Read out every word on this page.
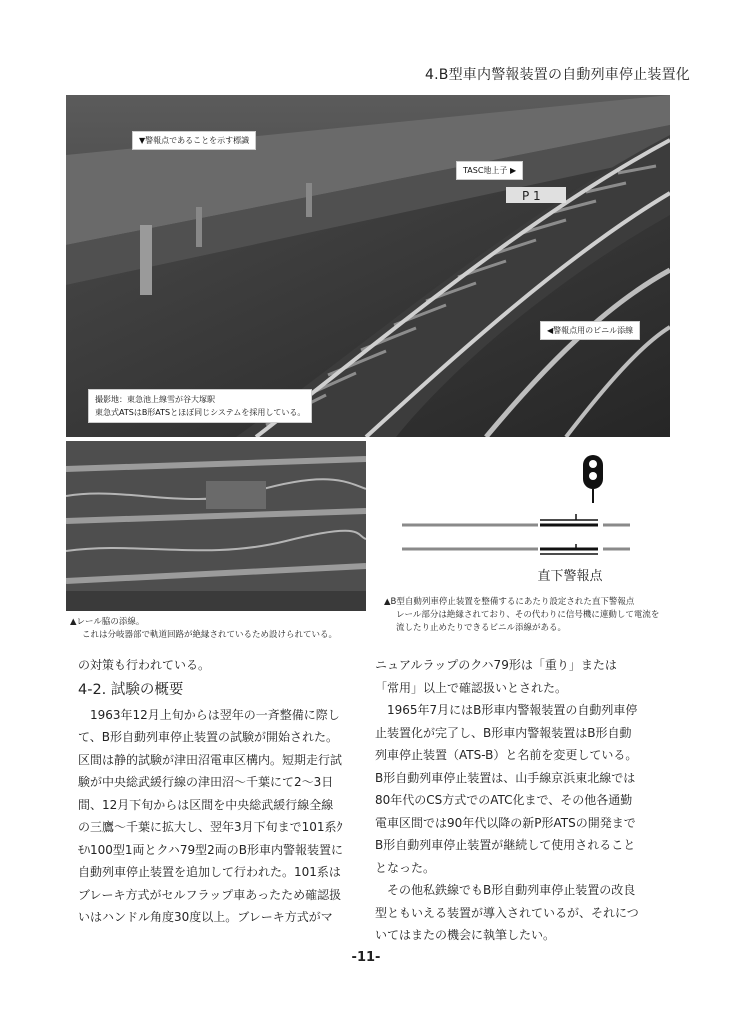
4.B型車内警報装置の自動列車停止装置化
P 1
▼警報点であることを示す標識
TASC地上子 ▶
◀警報点用のビニル添線
撮影地：東急池上線雪が谷大塚駅
東急式ATSはB形ATSとほぼ同じシステムを採用している。
▲レール脇の添線。
これは分岐器部で軌道回路が絶縁されているため設けられている。
直下警報点
▲B型自動列車停止装置を整備するにあたり設定された直下警報点
レール部分は絶縁されており、その代わりに信号機に連動して電流を
流したり止めたりできるビニル添線がある。

の対策も行われている。

4-2. 試験の概要

1963年12月上旬からは翌年の一斉整備に際し

て、B形自動列車停止装置の試験が開始された。

区間は静的試験が津田沼電車区構内。短期走行試

験が中央総武緩行線の津田沼〜千葉にて2〜3日

間、12月下旬からは区間を中央総武緩行線全線

の三鷹〜千葉に拡大し、翌年3月下旬まで101系ｸ

ﾓﾊ100型1両とクハ79型2両のB形車内警報装置に

自動列車停止装置を追加して行われた。101系は

ブレーキ方式がセルフラップ車あったため確認扱

いはハンドル角度30度以上。ブレーキ方式がマ

ニュアルラップのクハ79形は「重り」または

「常用」以上で確認扱いとされた。

1965年7月にはB形車内警報装置の自動列車停

止装置化が完了し、B形車内警報装置はB形自動

列車停止装置（ATS-B）と名前を変更している。

B形自動列車停止装置は、山手線京浜東北線では

80年代のCS方式でのATC化まで、その他各通勤

電車区間では90年代以降の新P形ATSの開発まで

B形自動列車停止装置が継続して使用されること

となった。

その他私鉄線でもB形自動列車停止装置の改良

型ともいえる装置が導入されているが、それにつ

いてはまたの機会に執筆したい。

-11-
